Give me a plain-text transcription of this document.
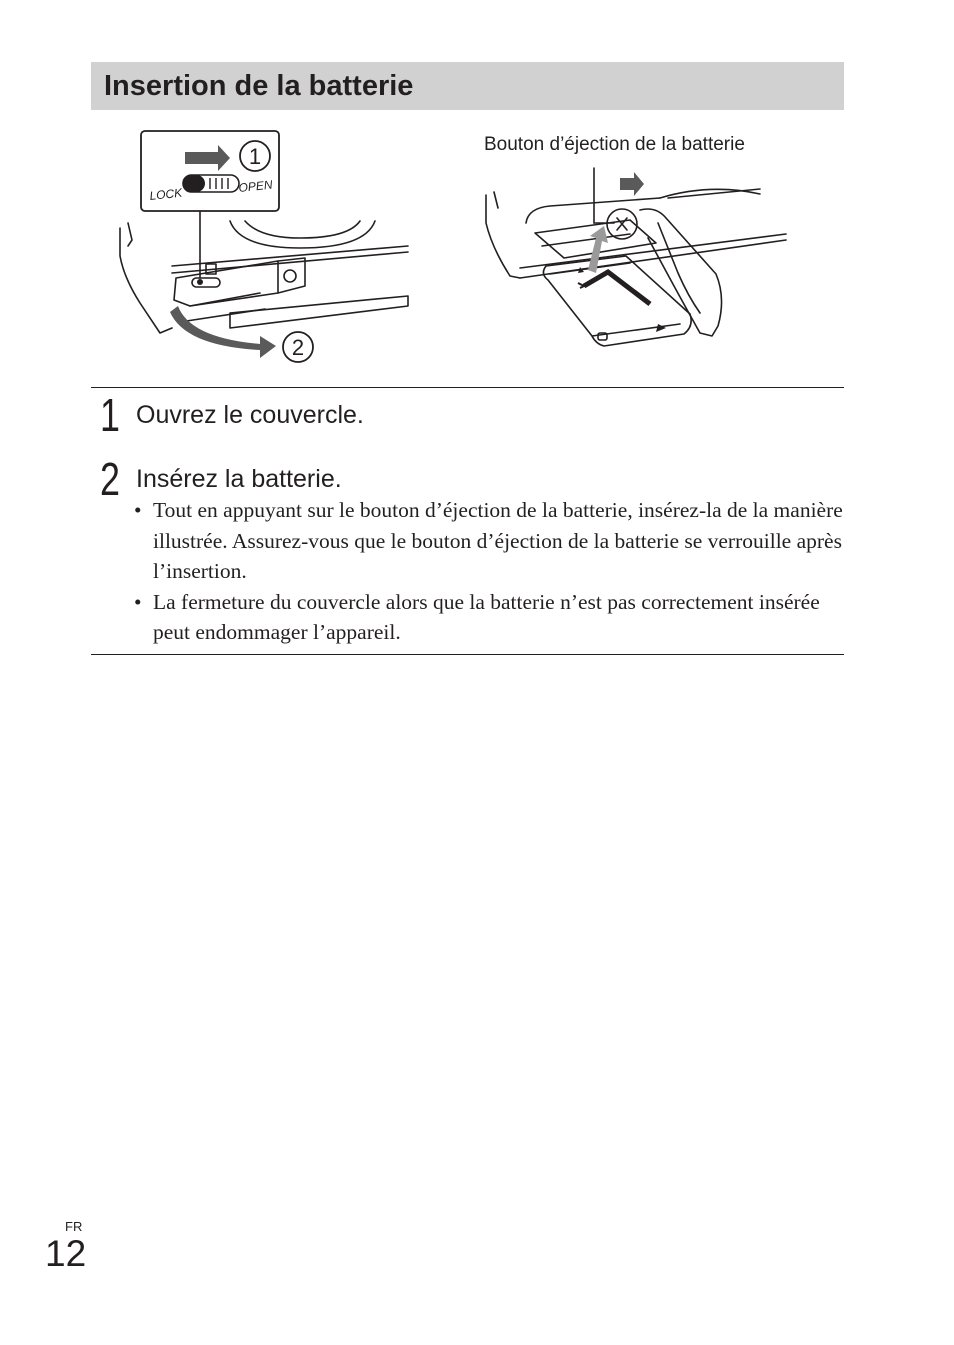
Insertion de la batterie
LOCK	OPEN
1
2
Bouton d’éjection de la batterie
1 Ouvrez le couvercle.
2 Insérez la batterie.
• Tout en appuyant sur le bouton d’éjection de la batterie, insérez-la de la manière illustrée. Assurez-vous que le bouton d’éjection de la batterie se verrouille après l’insertion.
• La fermeture du couvercle alors que la batterie n’est pas correctement insérée peut endommager l’appareil.
FR
12
